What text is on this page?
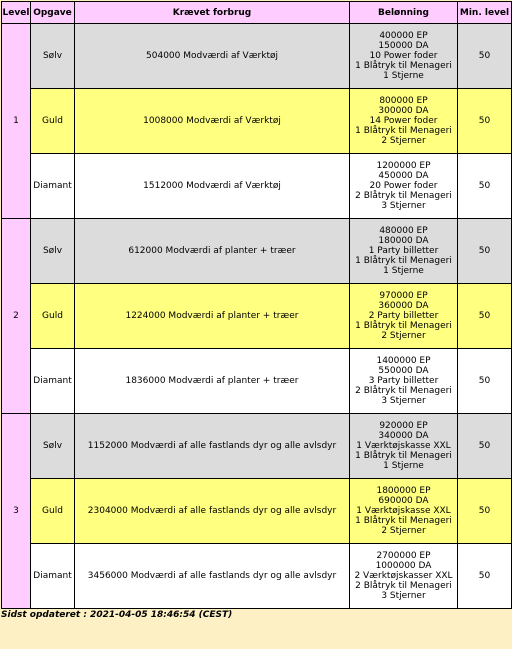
Level	Opgave	Krævet forbrug	Belønning	Min. level
1	Sølv	504000 Modværdi af Værktøj	400000 EP
150000 DA
10 Power foder
1 Blåtryk til Menageri
1 Stjerne	50
	Guld	1008000 Modværdi af Værktøj	800000 EP
300000 DA
14 Power foder
1 Blåtryk til Menageri
2 Stjerner	50
	Diamant	1512000 Modværdi af Værktøj	1200000 EP
450000 DA
20 Power foder
2 Blåtryk til Menageri
3 Stjerner	50
2	Sølv	612000 Modværdi af planter + træer	480000 EP
180000 DA
1 Party billetter
1 Blåtryk til Menageri
1 Stjerne	50
	Guld	1224000 Modværdi af planter + træer	970000 EP
360000 DA
2 Party billetter
1 Blåtryk til Menageri
2 Stjerner	50
	Diamant	1836000 Modværdi af planter + træer	1400000 EP
550000 DA
3 Party billetter
2 Blåtryk til Menageri
3 Stjerner	50
3	Sølv	1152000 Modværdi af alle fastlands dyr og alle avlsdyr	920000 EP
340000 DA
1 Værktøjskasse XXL
1 Blåtryk til Menageri
1 Stjerne	50
	Guld	2304000 Modværdi af alle fastlands dyr og alle avlsdyr	1800000 EP
690000 DA
1 Værktøjskasse XXL
1 Blåtryk til Menageri
2 Stjerner	50
	Diamant	3456000 Modværdi af alle fastlands dyr og alle avlsdyr	2700000 EP
1000000 DA
2 Værktøjskasser XXL
2 Blåtryk til Menageri
3 Stjerner	50
Sidst opdateret : 2021-04-05 18:46:54 (CEST)
